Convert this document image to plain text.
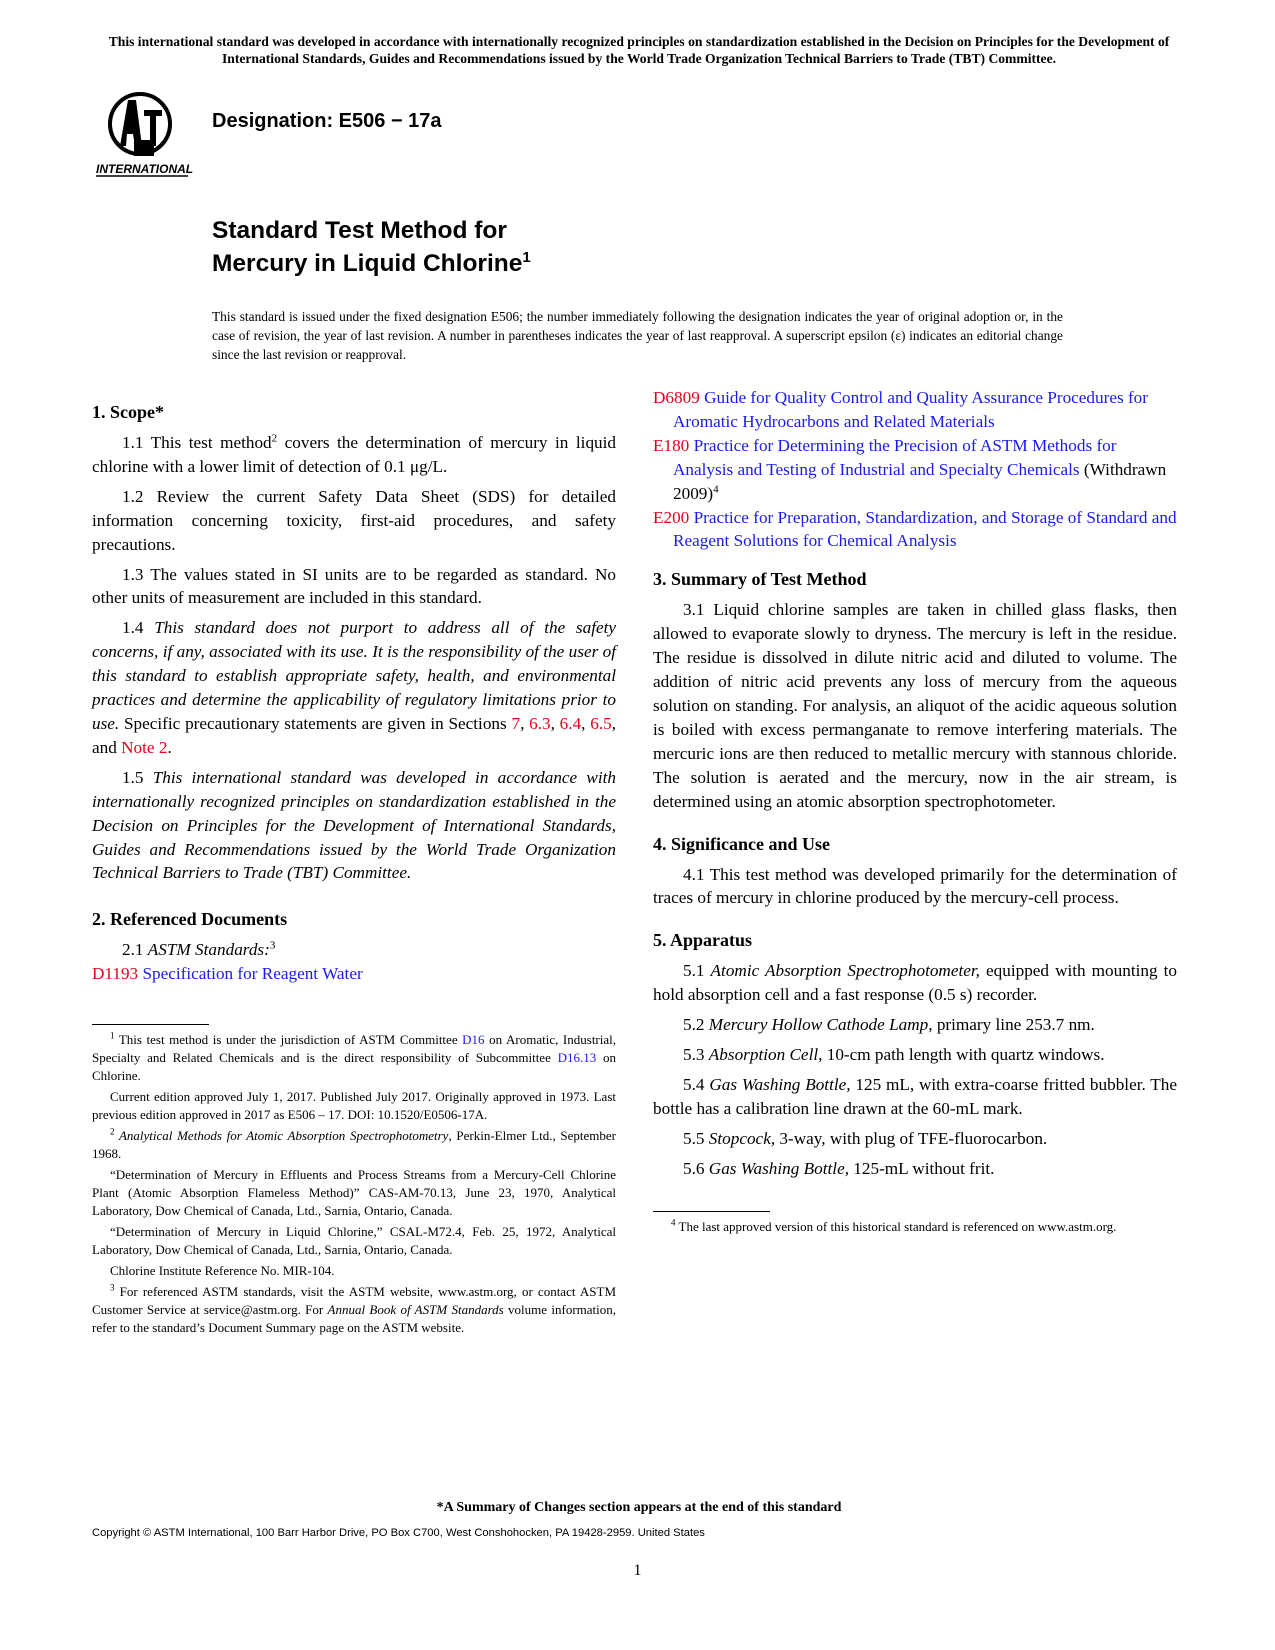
This international standard was developed in accordance with internationally recognized principles on standardization established in the Decision on Principles for the Development of International Standards, Guides and Recommendations issued by the World Trade Organization Technical Barriers to Trade (TBT) Committee.
INTERNATIONAL
Designation: E506 − 17a
Standard Test Method for
Mercury in Liquid Chlorine$^1$
This standard is issued under the fixed designation E506; the number immediately following the designation indicates the year of original adoption or, in the case of revision, the year of last revision. A number in parentheses indicates the year of last reapproval. A superscript epsilon (ε) indicates an editorial change since the last revision or reapproval.
1. Scope*

1.1 This test method$^2$ covers the determination of mercury in liquid chlorine with a lower limit of detection of 0.1 μg/L.

1.2 Review the current Safety Data Sheet (SDS) for detailed information concerning toxicity, first-aid procedures, and safety precautions.

1.3 The values stated in SI units are to be regarded as standard. No other units of measurement are included in this standard.

1.4 This standard does not purport to address all of the safety concerns, if any, associated with its use. It is the responsibility of the user of this standard to establish appropriate safety, health, and environmental practices and determine the applicability of regulatory limitations prior to use. Specific precautionary statements are given in Sections 7, 6.3, 6.4, 6.5, and Note 2.

1.5 This international standard was developed in accordance with internationally recognized principles on standardization established in the Decision on Principles for the Development of International Standards, Guides and Recommendations issued by the World Trade Organization Technical Barriers to Trade (TBT) Committee.

2. Referenced Documents

2.1 ASTM Standards:$^3$

D1193 Specification for Reagent Water
$^1$ This test method is under the jurisdiction of ASTM Committee D16 on Aromatic, Industrial, Specialty and Related Chemicals and is the direct responsibility of Subcommittee D16.13 on Chlorine.
Current edition approved July 1, 2017. Published July 2017. Originally approved in 1973. Last previous edition approved in 2017 as E506 – 17. DOI: 10.1520/E0506-17A.
$^2$ Analytical Methods for Atomic Absorption Spectrophotometry, Perkin-Elmer Ltd., September 1968.
“Determination of Mercury in Effluents and Process Streams from a Mercury-Cell Chlorine Plant (Atomic Absorption Flameless Method)” CAS-AM-70.13, June 23, 1970, Analytical Laboratory, Dow Chemical of Canada, Ltd., Sarnia, Ontario, Canada.
“Determination of Mercury in Liquid Chlorine,” CSAL-M72.4, Feb. 25, 1972, Analytical Laboratory, Dow Chemical of Canada, Ltd., Sarnia, Ontario, Canada.
Chlorine Institute Reference No. MIR-104.
$^3$ For referenced ASTM standards, visit the ASTM website, www.astm.org, or contact ASTM Customer Service at service@astm.org. For Annual Book of ASTM Standards volume information, refer to the standard’s Document Summary page on the ASTM website.
D6809 Guide for Quality Control and Quality Assurance Procedures for Aromatic Hydrocarbons and Related Materials
E180 Practice for Determining the Precision of ASTM Methods for Analysis and Testing of Industrial and Specialty Chemicals (Withdrawn 2009)$^4$
E200 Practice for Preparation, Standardization, and Storage of Standard and Reagent Solutions for Chemical Analysis
3. Summary of Test Method

3.1 Liquid chlorine samples are taken in chilled glass flasks, then allowed to evaporate slowly to dryness. The mercury is left in the residue. The residue is dissolved in dilute nitric acid and diluted to volume. The addition of nitric acid prevents any loss of mercury from the aqueous solution on standing. For analysis, an aliquot of the acidic aqueous solution is boiled with excess permanganate to remove interfering materials. The mercuric ions are then reduced to metallic mercury with stannous chloride. The solution is aerated and the mercury, now in the air stream, is determined using an atomic absorption spectrophotometer.

4. Significance and Use

4.1 This test method was developed primarily for the determination of traces of mercury in chlorine produced by the mercury-cell process.

5. Apparatus

5.1 Atomic Absorption Spectrophotometer, equipped with mounting to hold absorption cell and a fast response (0.5 s) recorder.

5.2 Mercury Hollow Cathode Lamp, primary line 253.7 nm.

5.3 Absorption Cell, 10-cm path length with quartz windows.

5.4 Gas Washing Bottle, 125 mL, with extra-coarse fritted bubbler. The bottle has a calibration line drawn at the 60-mL mark.

5.5 Stopcock, 3-way, with plug of TFE-fluorocarbon.

5.6 Gas Washing Bottle, 125-mL without frit.

$^4$ The last approved version of this historical standard is referenced on www.astm.org.
*A Summary of Changes section appears at the end of this standard
Copyright © ASTM International, 100 Barr Harbor Drive, PO Box C700, West Conshohocken, PA 19428-2959. United States
1
